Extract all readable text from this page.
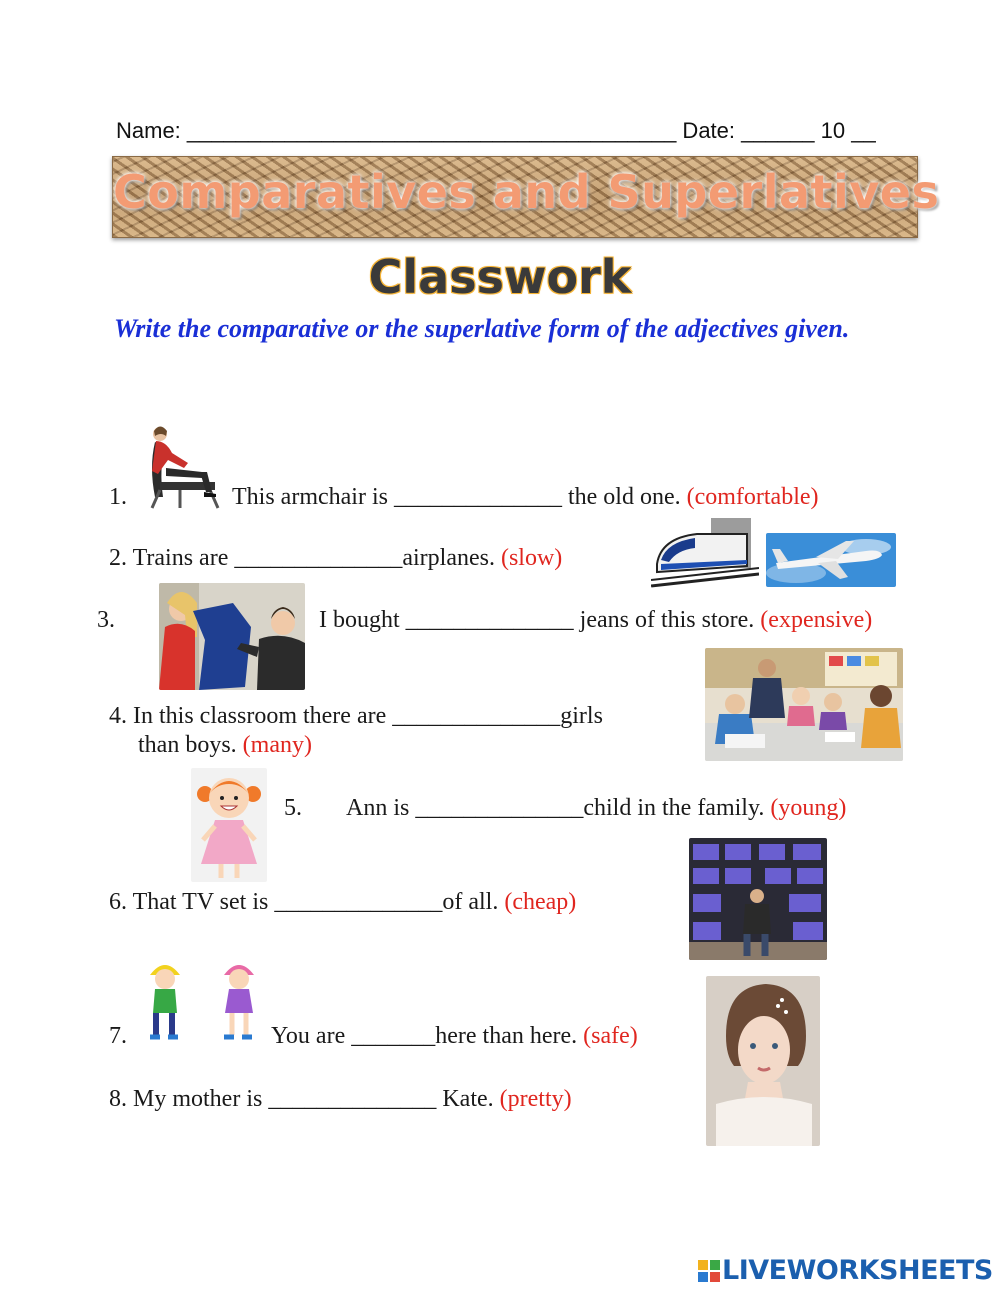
Name: ________________________________________ Date: ______ 10 __
Comparatives and Superlatives
Classwork
Write the comparative or the superlative form of the adjectives given.
1.	This armchair is ______________ the old one. (comfortable)
2. Trains are ______________airplanes. (slow)
3.	I bought ______________ jeans of this store. (expensive)
4. In this classroom there are ______________girls
than boys. (many)
5. Ann is ______________child in the family. (young)
6. That TV set is ______________of all. (cheap)
7.	You are _______here than here. (safe)
8. My mother is ______________ Kate. (pretty)
LIVEWORKSHEETS
